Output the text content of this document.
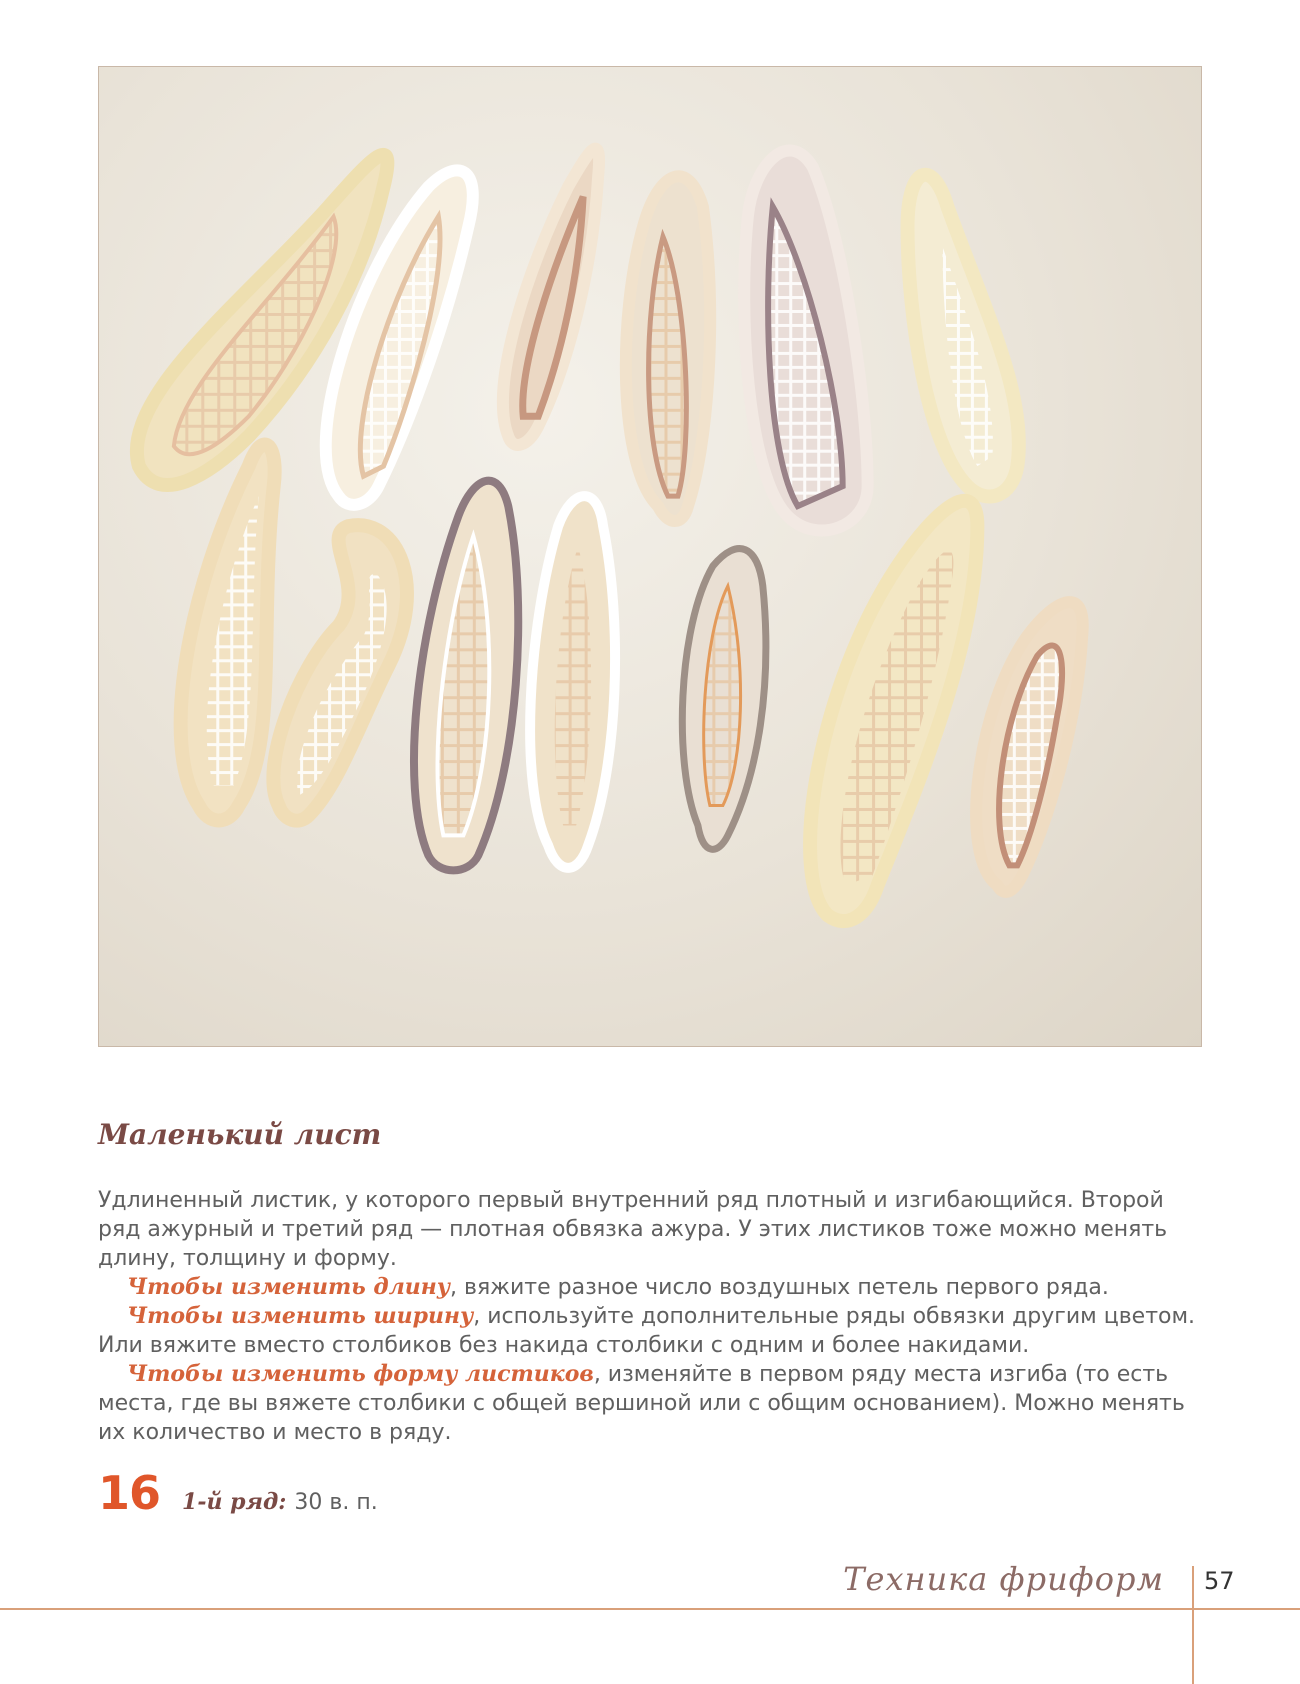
Маленький лист

Удлиненный листик, у которого первый внутренний ряд плотный и изгибающийся. Второй ряд ажурный и третий ряд — плотная обвязка ажура. У этих листиков тоже можно менять длину, толщину и форму.

Чтобы изменить длину, вяжите разное число воздушных петель первого ряда.

Чтобы изменить ширину, используйте дополнительные ряды обвязки другим цветом. Или вяжите вместо столбиков без накида столбики с одним и более накидами.

Чтобы изменить форму листиков, изменяйте в первом ряду места изгиба (то есть места, где вы вяжете столбики с общей вершиной или с общим основанием). Можно менять их количество и место в ряду.

16 1-й ряд: 30 в. п.
Техника фриформ 57
